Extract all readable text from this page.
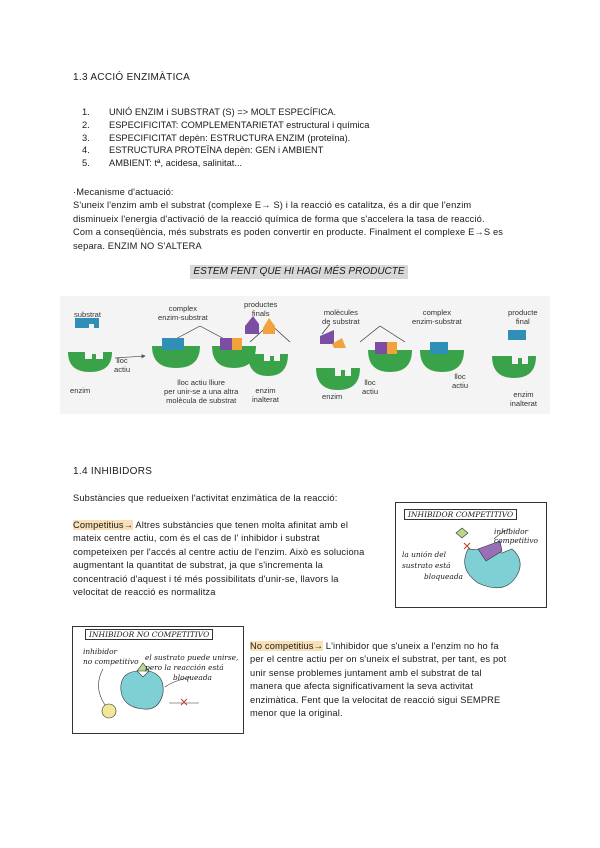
1.3 ACCIÓ ENZIMÀTICA
1. UNIÓ ENZIM i SUBSTRAT (S) => MOLT ESPECÍFICA.
2. ESPECIFICITAT: COMPLEMENTARIETAT estructural i química
3. ESPECIFICITAT depèn: ESTRUCTURA ENZIM (proteïna).
4. ESTRUCTURA PROTEÏNA depèn: GEN i AMBIENT
5. AMBIENT: tª, acidesa, salinitat...
·Mecanisme d'actuació:
S'uneix l'enzim amb el substrat (complexe E→ S) i la reacció es catalitza, és a dir que l'enzim
disminueix l'energia d'activació de la reacció química de forma que s'accelera la tasa de reacció.
Com a conseqüència, més substrats es poden convertir en producte. Finalment el complexe E→S es
separa. ENZIM NO S'ALTERA
ESTEM FENT QUE HI HAGI MÉS PRODUCTE
substrat
complex
enzim-substrat
productes
finals
lloc
actiu
enzim
lloc actiu lliure
per unir-se a una altra
molècula de substrat
enzim
inalterat
molècules
de substrat
complex
enzim-substrat
producte
final
lloc
actiu
enzim
lloc
actiu
enzim
inalterat
1.4 INHIBIDORS
Substàncies que redueixen l'activitat enzimàtica de la reacció:
Competitius→ Altres substàncies que tenen molta afinitat amb el
mateix centre actiu, com és el cas de l' inhibidor i substrat
competeixen per l'accés al centre actiu de l'enzim. Això es soluciona
augmentant la quantitat de substrat, ja que s'incrementa la
concentració d'aquest i té més possibilitats d'unir-se, llavors la
velocitat de reacció es normalitza
INHIBIDOR COMPETITIVO
inhibidor
competitivo
la unión del
sustrato está
bloqueada
INHIBIDOR NO COMPETITIVO
inhibidor
no competitivo el sustrato puede unirse,
pero la reacción está
bloqueada
No competitius→ L'inhibidor que s'uneix a l'enzim no ho fa
per el centre actiu per on s'uneix el substrat, per tant, es pot
unir sense problemes juntament amb el substrat de tal
manera que afecta significativament la seva activitat
enzimàtica. Fent que la velocitat de reacció sigui SEMPRE
menor que la original.
